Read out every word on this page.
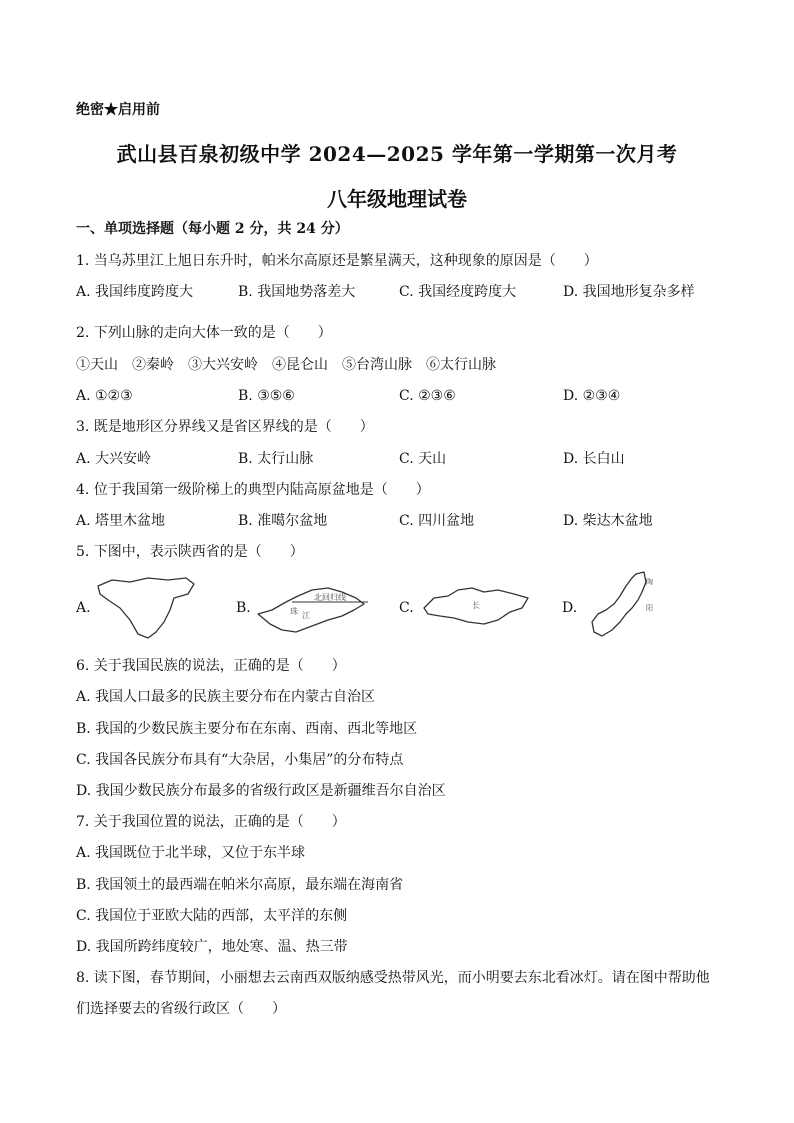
绝密★启用前
武山县百泉初级中学 2024—2025 学年第一学期第一次月考
八年级地理试卷
一、单项选择题（每小题 2 分，共 24 分）
1. 当乌苏里江上旭日东升时，帕米尔高原还是繁星满天，这种现象的原因是（　　）
A. 我国纬度跨度大	B. 我国地势落差大	C. 我国经度跨度大	D. 我国地形复杂多样
2. 下列山脉的走向大体一致的是（　　）
①天山　②秦岭　③大兴安岭　④昆仑山　⑤台湾山脉　⑥太行山脉
A. ①②③	B. ③⑤⑥	C. ②③⑥	D. ②③④
3. 既是地形区分界线又是省区界线的是（　　）
A. 大兴安岭	B. 太行山脉	C. 天山	D. 长白山
4. 位于我国第一级阶梯上的典型内陆高原盆地是（　　）
A. 塔里木盆地	B. 准噶尔盆地	C. 四川盆地	D. 柴达木盆地
5. 下图中，表示陕西省的是（　　）
A.	B.
北回归线
珠 江	C.	长	D.
陶
阳
6. 关于我国民族的说法，正确的是（　　）
A. 我国人口最多的民族主要分布在内蒙古自治区
B. 我国的少数民族主要分布在东南、西南、西北等地区
C. 我国各民族分布具有“大杂居，小集居”的分布特点
D. 我国少数民族分布最多的省级行政区是新疆维吾尔自治区
7. 关于我国位置的说法，正确的是（　　）
A. 我国既位于北半球，又位于东半球
B. 我国领土的最西端在帕米尔高原，最东端在海南省
C. 我国位于亚欧大陆的西部，太平洋的东侧
D. 我国所跨纬度较广，地处寒、温、热三带
8. 读下图，春节期间，小丽想去云南西双版纳感受热带风光，而小明要去东北看冰灯。请在图中帮助他
们选择要去的省级行政区（　　）
